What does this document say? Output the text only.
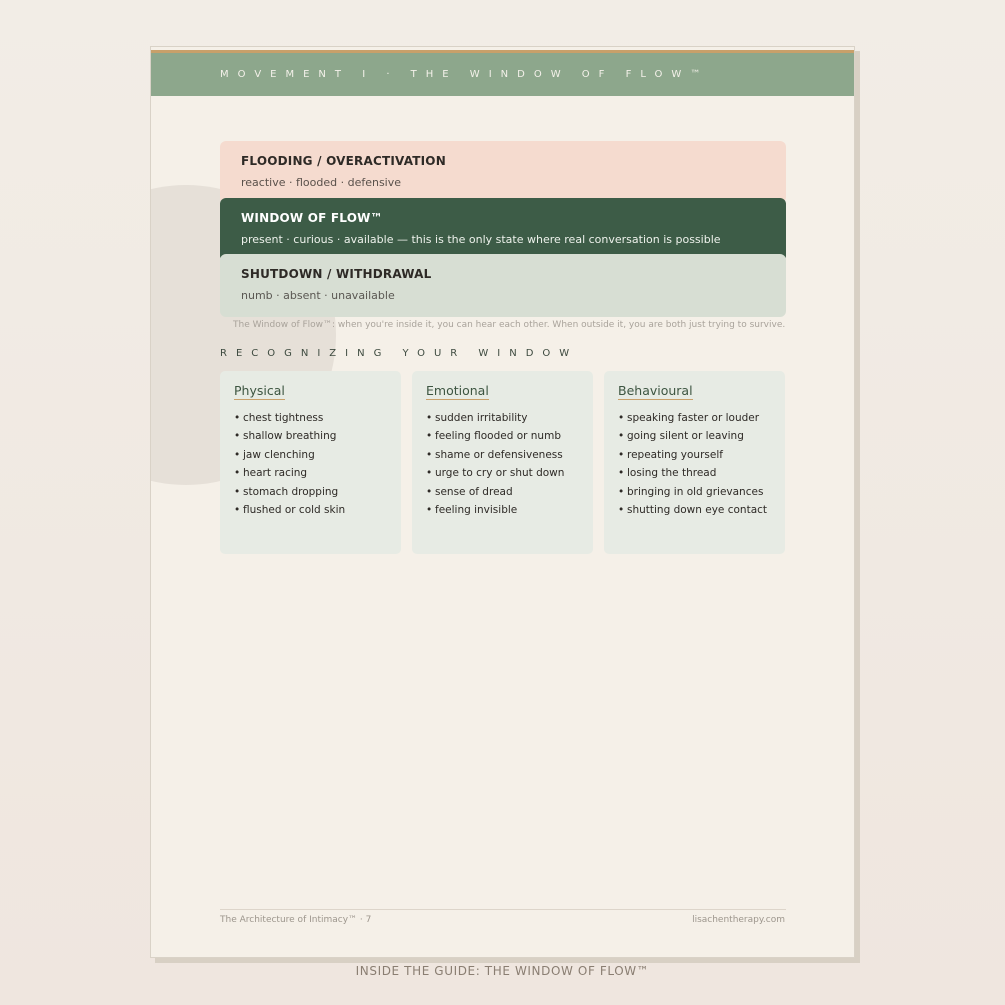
MOVEMENT I · THE WINDOW OF FLOW™
FLOODING / OVERACTIVATION
reactive · flooded · defensive
WINDOW OF FLOW™
present · curious · available — this is the only state where real conversation is possible
SHUTDOWN / WITHDRAWAL
numb · absent · unavailable
The Window of Flow™: when you're inside it, you can hear each other. When outside it, you are both just trying to survive.
RECOGNIZING YOUR WINDOW
Physical
• chest tightness
• shallow breathing
• jaw clenching
• heart racing
• stomach dropping
• flushed or cold skin
Emotional
• sudden irritability
• feeling flooded or numb
• shame or defensiveness
• urge to cry or shut down
• sense of dread
• feeling invisible
Behavioural
• speaking faster or louder
• going silent or leaving
• repeating yourself
• losing the thread
• bringing in old grievances
• shutting down eye contact
The Architecture of Intimacy™ · 7	lisachentherapy.com
INSIDE THE GUIDE: THE WINDOW OF FLOW™
